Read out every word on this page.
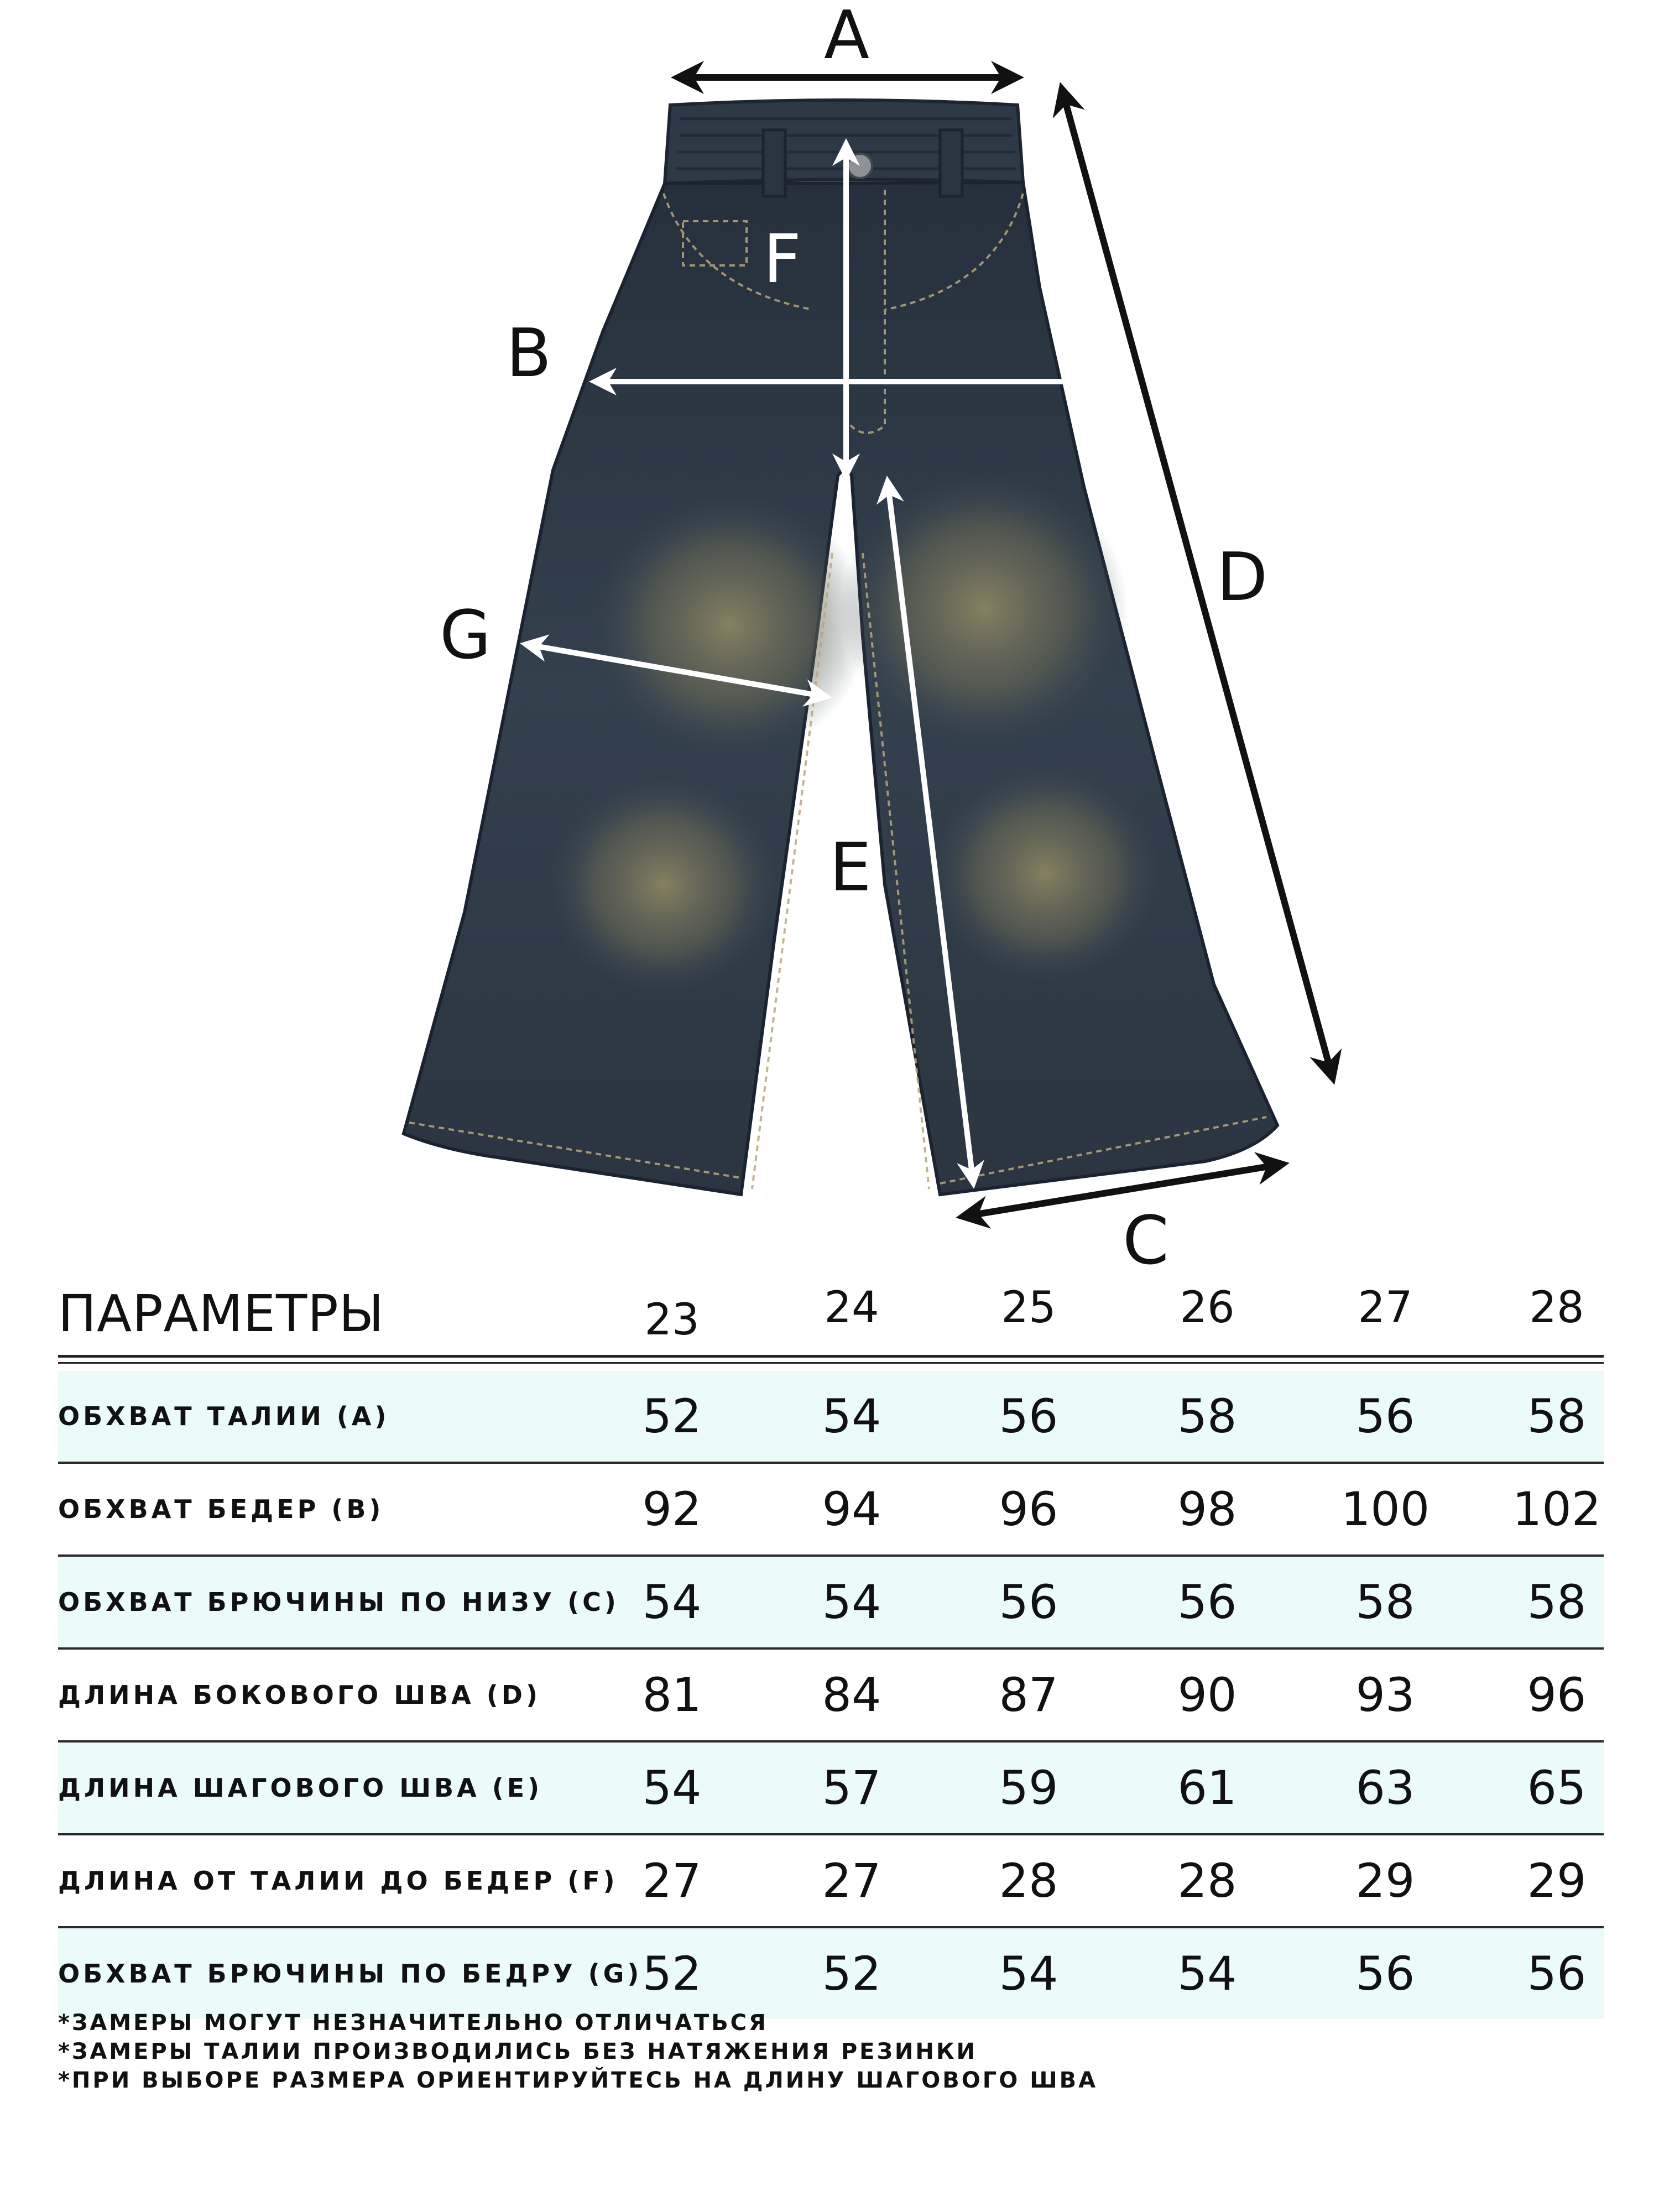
A
B
C
D
E
F
G
ПАРАМЕТРЫ	23	24	25	26	27	28
ОБХВАТ ТАЛИИ (A)	52	54	56	58	56	58
ОБХВАТ БЕДЕР (B)	92	94	96	98	100	102
ОБХВАТ БРЮЧИНЫ ПО НИЗУ (C) 54	54	56	56	58	58
ДЛИНА БОКОВОГО ШВА (D)	81	84	87	90	93	96
ДЛИНА ШАГОВОГО ШВА (E)	54	57	59	61	63	65
ДЛИНА ОТ ТАЛИИ ДО БЕДЕР (F) 27	27	28	28	29	29
ОБХВАТ БРЮЧИНЫ ПО БЕДРУ (G) 52	52	54	54	56	56
*ЗАМЕРЫ МОГУТ НЕЗНАЧИТЕЛЬНО ОТЛИЧАТЬСЯ
*ЗАМЕРЫ ТАЛИИ ПРОИЗВОДИЛИСЬ БЕЗ НАТЯЖЕНИЯ РЕЗИНКИ
*ПРИ ВЫБОРЕ РАЗМЕРА ОРИЕНТИРУЙТЕСЬ НА ДЛИНУ ШАГОВОГО ШВА
